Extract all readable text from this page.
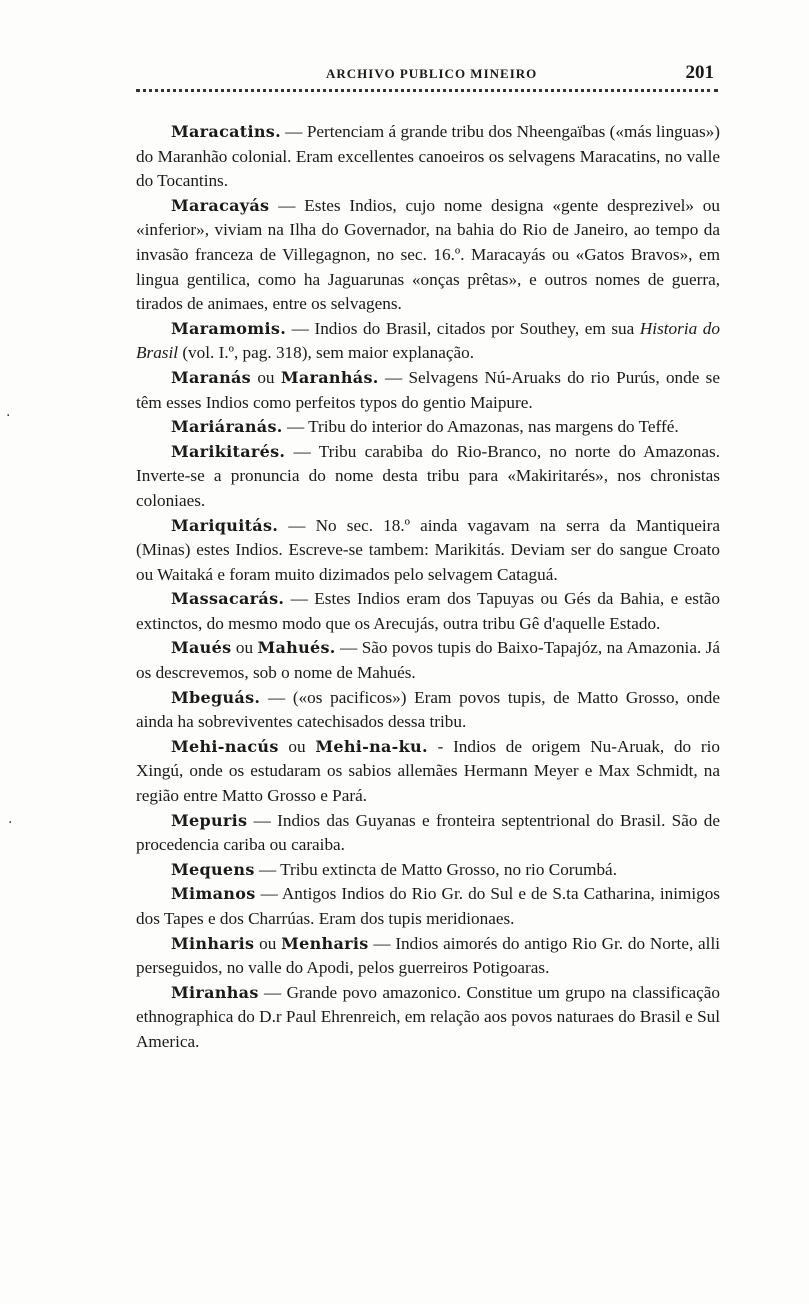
ARCHIVO PUBLICO MINEIRO	201
·
·

Maracatins. — Pertenciam á grande tribu dos Nheengaïbas («más linguas») do Maranhão colonial. Eram excellentes canoeiros os selvagens Maracatins, no valle do Tocantins.

Maracayás — Estes Indios, cujo nome designa «gente desprezivel» ou «inferior», viviam na Ilha do Governador, na bahia do Rio de Janeiro, ao tempo da invasão franceza de Villegagnon, no sec. 16.º. Maracayás ou «Gatos Bravos», em lingua gentilica, como ha Jaguarunas «onças prêtas», e outros nomes de guerra, tirados de animaes, entre os selvagens.

Maramomis. — Indios do Brasil, citados por Southey, em sua Historia do Brasil (vol. I.º, pag. 318), sem maior explanação.

Maranás ou Maranhás. — Selvagens Nú-Aruaks do rio Purús, onde se têm esses Indios como perfeitos typos do gentio Maipure.

Mariáranás. — Tribu do interior do Amazonas, nas margens do Teffé.

Marikitarés. — Tribu carabiba do Rio-Branco, no norte do Amazonas. Inverte-se a pronuncia do nome desta tribu para «Makiritarés», nos chronistas coloniaes.

Mariquitás. — No sec. 18.º ainda vagavam na serra da Mantiqueira (Minas) estes Indios. Escreve-se tambem: Marikitás. Deviam ser do sangue Croato ou Waitaká e foram muito dizimados pelo selvagem Cataguá.

Massacarás. — Estes Indios eram dos Tapuyas ou Gés da Bahia, e estão extinctos, do mesmo modo que os Arecujás, outra tribu Gê d'aquelle Estado.

Maués ou Mahués. — São povos tupis do Baixo-Tapajóz, na Amazonia. Já os descrevemos, sob o nome de Mahués.

Mbeguás. — («os pacificos») Eram povos tupis, de Matto Grosso, onde ainda ha sobreviventes catechisados dessa tribu.

Mehi-nacús ou Mehi-na-ku. - Indios de origem Nu-Aruak, do rio Xingú, onde os estudaram os sabios allemães Hermann Meyer e Max Schmidt, na região entre Matto Grosso e Pará.

Mepuris — Indios das Guyanas e fronteira septentrional do Brasil. São de procedencia cariba ou caraiba.

Mequens — Tribu extincta de Matto Grosso, no rio Corumbá.

Mimanos — Antigos Indios do Rio Gr. do Sul e de S.ta Catharina, inimigos dos Tapes e dos Charrúas. Eram dos tupis meridionaes.

Minharis ou Menharis — Indios aimorés do antigo Rio Gr. do Norte, alli perseguidos, no valle do Apodi, pelos guerreiros Potigoaras.

Miranhas — Grande povo amazonico. Constitue um grupo na classificação ethnographica do D.r Paul Ehrenreich, em relação aos povos naturaes do Brasil e Sul America.
